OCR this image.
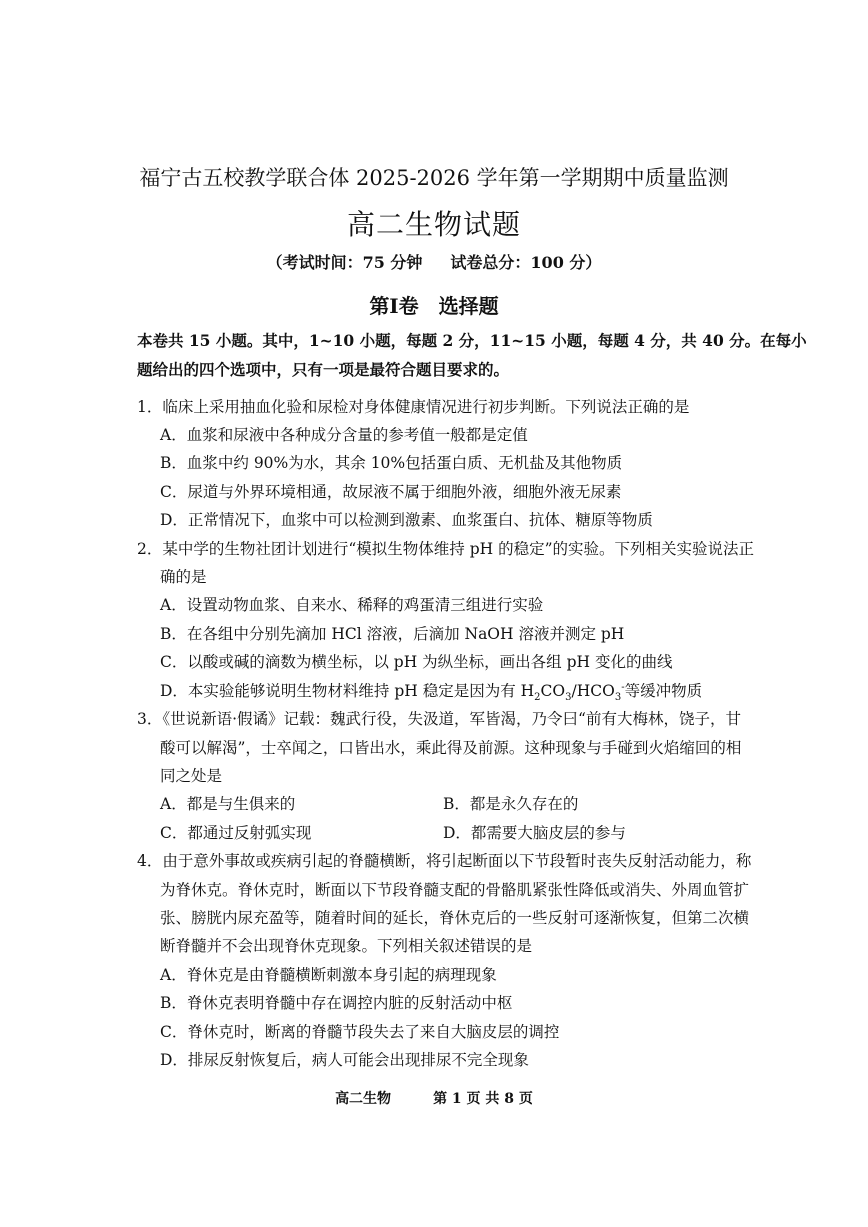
福宁古五校教学联合体 2025-2026 学年第一学期期中质量监测
高二生物试题
（考试时间：75 分钟 试卷总分：100 分）
第Ⅰ卷 选择题
本卷共 15 小题。其中，1~10 小题，每题 2 分，11~15 小题，每题 4 分，共 40 分。在每小
题给出的四个选项中，只有一项是最符合题目要求的。
1．临床上采用抽血化验和尿检对身体健康情况进行初步判断。下列说法正确的是
A．血浆和尿液中各种成分含量的参考值一般都是定值
B．血浆中约 90%为水，其余 10%包括蛋白质、无机盐及其他物质
C．尿道与外界环境相通，故尿液不属于细胞外液，细胞外液无尿素
D．正常情况下，血浆中可以检测到激素、血浆蛋白、抗体、糖原等物质
2．某中学的生物社团计划进行“模拟生物体维持 pH 的稳定”的实验。下列相关实验说法正
确的是
A．设置动物血浆、自来水、稀释的鸡蛋清三组进行实验
B．在各组中分别先滴加 HCl 溶液，后滴加 NaOH 溶液并测定 pH
C．以酸或碱的滴数为横坐标，以 pH 为纵坐标，画出各组 pH 变化的曲线
D．本实验能够说明生物材料维持 pH 稳定是因为有 $H_2CO_3/HCO_3^-$等缓冲物质
3．《世说新语·假谲》记载：魏武行役，失汲道，军皆渴，乃令曰“前有大梅林，饶子，甘
酸可以解渴”，士卒闻之，口皆出水，乘此得及前源。这种现象与手碰到火焰缩回的相
同之处是
A．都是与生俱来的	B．都是永久存在的
C．都通过反射弧实现	D．都需要大脑皮层的参与
4．由于意外事故或疾病引起的脊髓横断，将引起断面以下节段暂时丧失反射活动能力，称
为脊休克。脊休克时，断面以下节段脊髓支配的骨骼肌紧张性降低或消失、外周血管扩
张、膀胱内尿充盈等，随着时间的延长，脊休克后的一些反射可逐渐恢复，但第二次横
断脊髓并不会出现脊休克现象。下列相关叙述错误的是
A．脊休克是由脊髓横断刺激本身引起的病理现象
B．脊休克表明脊髓中存在调控内脏的反射活动中枢
C．脊休克时，断离的脊髓节段失去了来自大脑皮层的调控
D．排尿反射恢复后，病人可能会出现排尿不完全现象
高二生物	第 1 页 共 8 页
